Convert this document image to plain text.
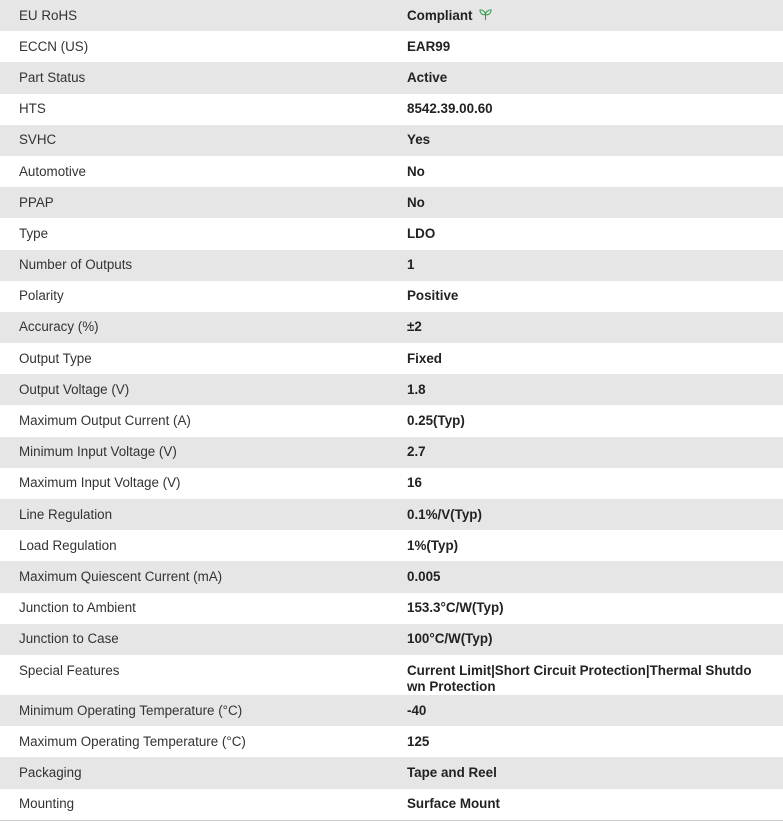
EU RoHS	Compliant
ECCN (US)	EAR99
Part Status	Active
HTS	8542.39.00.60
SVHC	Yes
Automotive	No
PPAP	No
Type	LDO
Number of Outputs	1
Polarity	Positive
Accuracy (%)	±2
Output Type	Fixed
Output Voltage (V)	1.8
Maximum Output Current (A)	0.25(Typ)
Minimum Input Voltage (V)	2.7
Maximum Input Voltage (V)	16
Line Regulation	0.1%/V(Typ)
Load Regulation	1%(Typ)
Maximum Quiescent Current (mA)	0.005
Junction to Ambient	153.3°C/W(Typ)
Junction to Case	100°C/W(Typ)
Special Features	Current Limit|Short Circuit Protection|Thermal Shutdown Protection
Minimum Operating Temperature (°C)	-40
Maximum Operating Temperature (°C)	125
Packaging	Tape and Reel
Mounting	Surface Mount
